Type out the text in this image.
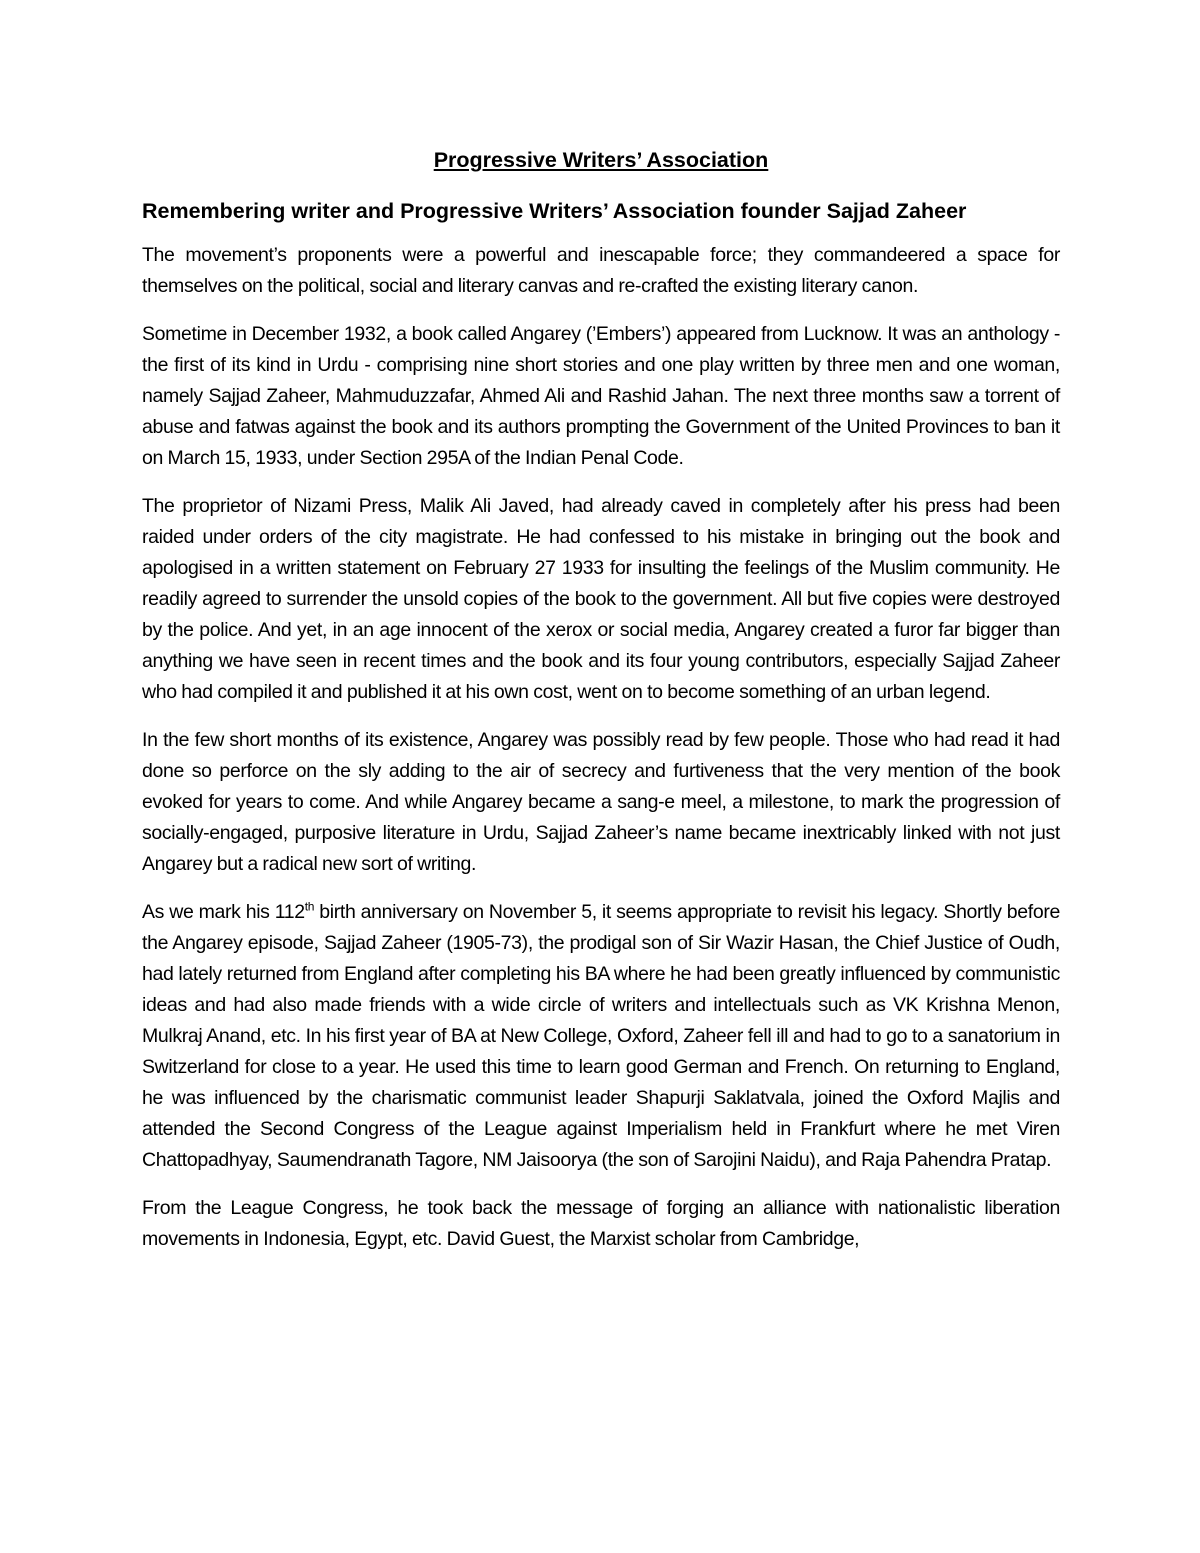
Progressive Writers’ Association
Remembering writer and Progressive Writers’ Association founder Sajjad Zaheer

The movement’s proponents were a powerful and inescapable force; they commandeered a space for themselves on the political, social and literary canvas and re-crafted the existing literary canon.

Sometime in December 1932, a book called Angarey (’Embers’) appeared from Lucknow. It was an anthology - the first of its kind in Urdu - comprising nine short stories and one play written by three men and one woman, namely Sajjad Zaheer, Mahmuduzzafar, Ahmed Ali and Rashid Jahan. The next three months saw a torrent of abuse and fatwas against the book and its authors prompting the Government of the United Provinces to ban it on March 15, 1933, under Section 295A of the Indian Penal Code.

The proprietor of Nizami Press, Malik Ali Javed, had already caved in completely after his press had been raided under orders of the city magistrate. He had confessed to his mistake in bringing out the book and apologised in a written statement on February 27 1933 for insulting the feelings of the Muslim community. He readily agreed to surrender the unsold copies of the book to the government. All but five copies were destroyed by the police. And yet, in an age innocent of the xerox or social media, Angarey created a furor far bigger than anything we have seen in recent times and the book and its four young contributors, especially Sajjad Zaheer who had compiled it and published it at his own cost, went on to become something of an urban legend.

In the few short months of its existence, Angarey was possibly read by few people. Those who had read it had done so perforce on the sly adding to the air of secrecy and furtiveness that the very mention of the book evoked for years to come. And while Angarey became a sang-e meel, a milestone, to mark the progression of socially-engaged, purposive literature in Urdu, Sajjad Zaheer’s name became inextricably linked with not just Angarey but a radical new sort of writing.

As we mark his 112th birth anniversary on November 5, it seems appropriate to revisit his legacy. Shortly before the Angarey episode, Sajjad Zaheer (1905-73), the prodigal son of Sir Wazir Hasan, the Chief Justice of Oudh, had lately returned from England after completing his BA where he had been greatly influenced by communistic ideas and had also made friends with a wide circle of writers and intellectuals such as VK Krishna Menon, Mulkraj Anand, etc. In his first year of BA at New College, Oxford, Zaheer fell ill and had to go to a sanatorium in Switzerland for close to a year. He used this time to learn good German and French. On returning to England, he was influenced by the charismatic communist leader Shapurji Saklatvala, joined the Oxford Majlis and attended the Second Congress of the League against Imperialism held in Frankfurt where he met Viren Chattopadhyay, Saumendranath Tagore, NM Jaisoorya (the son of Sarojini Naidu), and Raja Pahendra Pratap.

From the League Congress, he took back the message of forging an alliance with nationalistic liberation movements in Indonesia, Egypt, etc. David Guest, the Marxist scholar from Cambridge,
